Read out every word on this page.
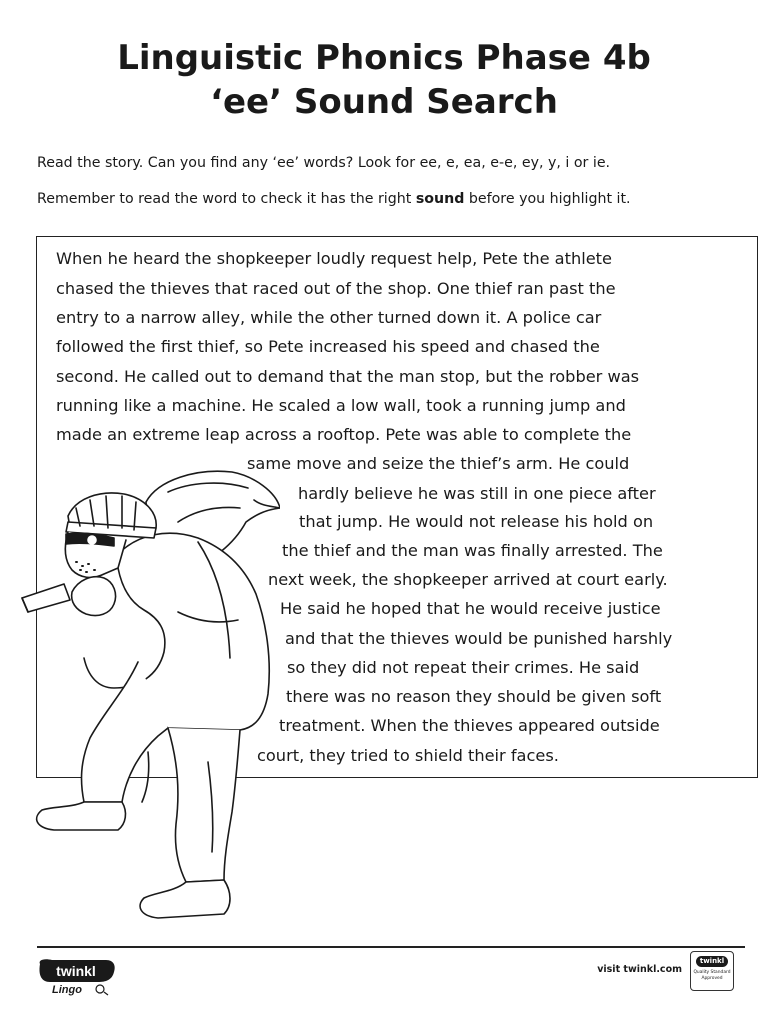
Linguistic Phonics Phase 4b
‘ee’ Sound Search
Read the story. Can you find any ‘ee’ words? Look for ee, e, ea, e-e, ey, y, i or ie.
Remember to read the word to check it has the right sound before you highlight it.
When he heard the shopkeeper loudly request help, Pete the athlete
chased the thieves that raced out of the shop. One thief ran past the
entry to a narrow alley, while the other turned down it. A police car
followed the first thief, so Pete increased his speed and chased the
second. He called out to demand that the man stop, but the robber was
running like a machine. He scaled a low wall, took a running jump and
made an extreme leap across a rooftop. Pete was able to complete the
same move and seize the thief’s arm. He could
hardly believe he was still in one piece after
that jump. He would not release his hold on
the thief and the man was finally arrested. The
next week, the shopkeeper arrived at court early.
He said he hoped that he would receive justice
and that the thieves would be punished harshly
so they did not repeat their crimes. He said
there was no reason they should be given soft
treatment. When the thieves appeared outside
court, they tried to shield their faces.
twinkl
Lingo
visit twinkl.com
twinkl
Quality Standard
Approved
